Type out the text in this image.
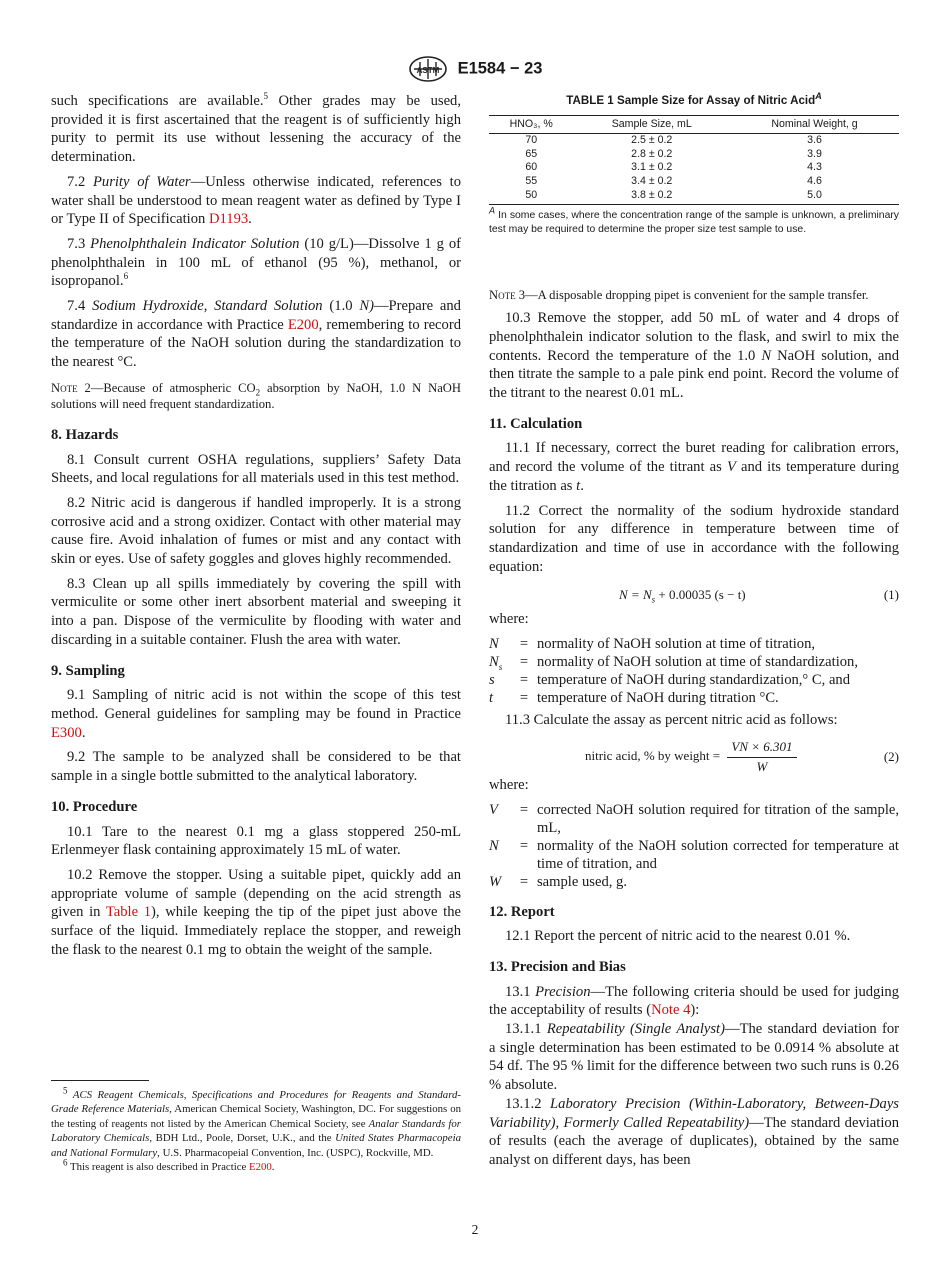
ASTM E1584 − 23

such specifications are available.$^5$ Other grades may be used, provided it is first ascertained that the reagent is of sufficiently high purity to permit its use without lessening the accuracy of the determination.

7.2 Purity of Water—Unless otherwise indicated, references to water shall be understood to mean reagent water as defined by Type I or Type II of Specification D1193.

7.3 Phenolphthalein Indicator Solution (10 g/L)—Dissolve 1 g of phenolphthalein in 100 mL of ethanol (95 %), methanol, or isopropanol.$^6$

7.4 Sodium Hydroxide, Standard Solution (1.0 N)—Prepare and standardize in accordance with Practice E200, remembering to record the temperature of the NaOH solution during the standardization to the nearest °C.

Note 2—Because of atmospheric $CO_2$ absorption by NaOH, 1.0 N NaOH solutions will need frequent standardization.

8. Hazards

8.1 Consult current OSHA regulations, suppliers’ Safety Data Sheets, and local regulations for all materials used in this test method.

8.2 Nitric acid is dangerous if handled improperly. It is a strong corrosive acid and a strong oxidizer. Contact with other material may cause fire. Avoid inhalation of fumes or mist and any contact with skin or eyes. Use of safety goggles and gloves highly recommended.

8.3 Clean up all spills immediately by covering the spill with vermiculite or some other inert absorbent material and sweeping it into a pan. Dispose of the vermiculite by flooding with water and discarding in a suitable container. Flush the area with water.

9. Sampling

9.1 Sampling of nitric acid is not within the scope of this test method. General guidelines for sampling may be found in Practice E300.

9.2 The sample to be analyzed shall be considered to be that sample in a single bottle submitted to the analytical laboratory.

10. Procedure

10.1 Tare to the nearest 0.1 mg a glass stoppered 250-mL Erlenmeyer flask containing approximately 15 mL of water.

10.2 Remove the stopper. Using a suitable pipet, quickly add an appropriate volume of sample (depending on the acid strength as given in Table 1), while keeping the tip of the pipet just above the surface of the liquid. Immediately replace the stopper, and reweigh the flask to the nearest 0.1 mg to obtain the weight of the sample.

$^5$ ACS Reagent Chemicals, Specifications and Procedures for Reagents and Standard-Grade Reference Materials, American Chemical Society, Washington, DC. For suggestions on the testing of reagents not listed by the American Chemical Society, see Analar Standards for Laboratory Chemicals, BDH Ltd., Poole, Dorset, U.K., and the United States Pharmacopeia and National Formulary, U.S. Pharmacopeial Convention, Inc. (USPC), Rockville, MD.
$^6$ This reagent is also described in Practice E200.
TABLE 1 Sample Size for Assay of Nitric Acid$^A$
HNO₃, %	Sample Size, mL	Nominal Weight, g
70	2.5 ± 0.2	3.6
65	2.8 ± 0.2	3.9
60	3.1 ± 0.2	4.3
55	3.4 ± 0.2	4.6
50	3.8 ± 0.2	5.0
$^A$ In some cases, where the concentration range of the sample is unknown, a preliminary test may be required to determine the proper size test sample to use.

Note 3—A disposable dropping pipet is convenient for the sample transfer.

10.3 Remove the stopper, add 50 mL of water and 4 drops of phenolphthalein indicator solution to the flask, and swirl to mix the contents. Record the temperature of the 1.0 N NaOH solution, and then titrate the sample to a pale pink end point. Record the volume of the titrant to the nearest 0.01 mL.

11. Calculation

11.1 If necessary, correct the buret reading for calibration errors, and record the volume of the titrant as V and its temperature during the titration as t.

11.2 Correct the normality of the sodium hydroxide standard solution for any difference in temperature between time of standardization and time of use in accordance with the following equation:

$N = N_s + 0.00035$ (s − t)	(1)

where:

N	= normality of NaOH solution at time of titration,
$N_s$	= normality of NaOH solution at time of standardization,
s	= temperature of NaOH during standardization,° C, and
t	= temperature of NaOH during titration °C.

11.3 Calculate the assay as percent nitric acid as follows:

nitric acid, % by weight = $\frac{VN \times 6.301}{W}$	(2)

where:

V	= corrected NaOH solution required for titration of the sample, mL,
N	= normality of the NaOH solution corrected for temperature at time of titration, and
W	= sample used, g.
12. Report

12.1 Report the percent of nitric acid to the nearest 0.01 %.

13. Precision and Bias

13.1 Precision—The following criteria should be used for judging the acceptability of results (Note 4):

13.1.1 Repeatability (Single Analyst)—The standard deviation for a single determination has been estimated to be 0.0914 % absolute at 54 df. The 95 % limit for the difference between two such runs is 0.26 % absolute.

13.1.2 Laboratory Precision (Within-Laboratory, Between-Days Variability), Formerly Called Repeatability)—The standard deviation of results (each the average of duplicates), obtained by the same analyst on different days, has been

2
